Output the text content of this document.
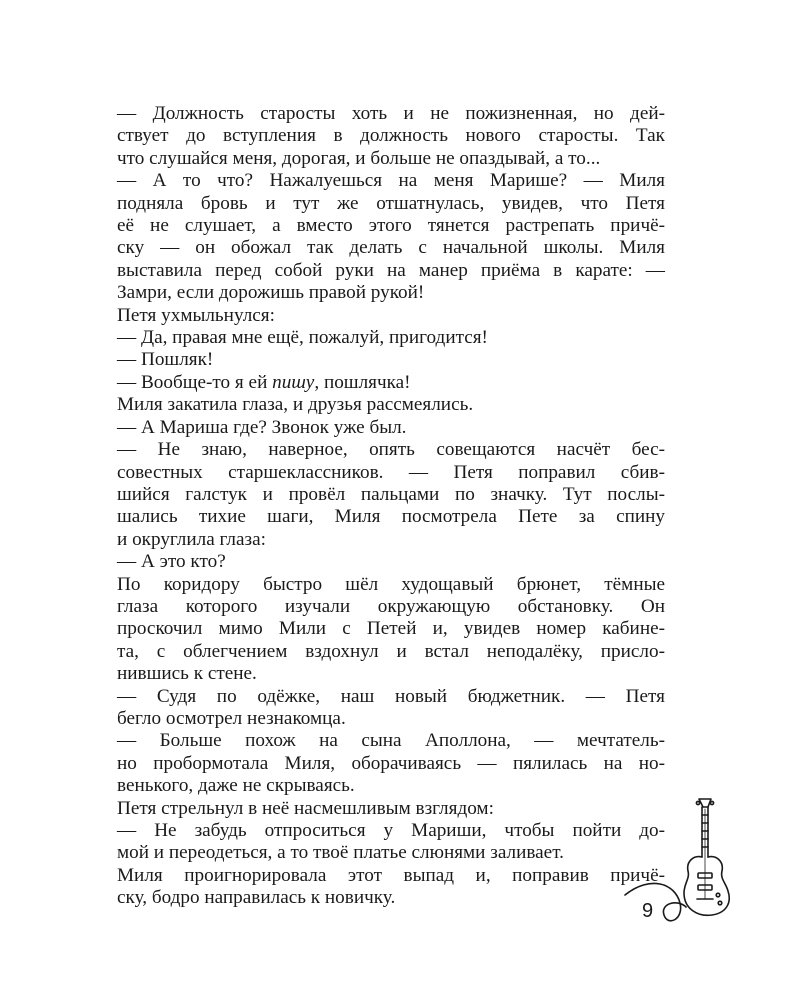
— Должность старосты хоть и не пожизненная, но дей-
ствует до вступления в должность нового старосты. Так
что слушайся меня, дорогая, и больше не опаздывай, а то...

— А то что? Нажалуешься на меня Марише? — Миля
подняла бровь и тут же отшатнулась, увидев, что Петя
её не слушает, а вместо этого тянется растрепать причё-
ску — он обожал так делать с начальной школы. Миля
выставила перед собой руки на манер приёма в карате: —
Замри, если дорожишь правой рукой!

Петя ухмыльнулся:

— Да, правая мне ещё, пожалуй, пригодится!

— Пошляк!

— Вообще-то я ей пишу, пошлячка!

Миля закатила глаза, и друзья рассмеялись.

— А Мариша где? Звонок уже был.

— Не знаю, наверное, опять совещаются насчёт бес-
совестных старшеклассников. — Петя поправил сбив-
шийся галстук и провёл пальцами по значку. Тут послы-
шались тихие шаги, Миля посмотрела Пете за спину
и округлила глаза:

— А это кто?

По коридору быстро шёл худощавый брюнет, тёмные
глаза которого изучали окружающую обстановку. Он
проскочил мимо Мили с Петей и, увидев номер кабине-
та, с облегчением вздохнул и встал неподалёку, присло-
нившись к стене.

— Судя по одёжке, наш новый бюджетник. — Петя
бегло осмотрел незнакомца.

— Больше похож на сына Аполлона, — мечтатель-
но пробормотала Миля, оборачиваясь — пялилась на но-
венького, даже не скрываясь.

Петя стрельнул в неё насмешливым взглядом:

— Не забудь отпроситься у Мариши, чтобы пойти до-
мой и переодеться, а то твоё платье слюнями заливает.

Миля проигнорировала этот выпад и, поправив причё-
ску, бодро направилась к новичку.

9
